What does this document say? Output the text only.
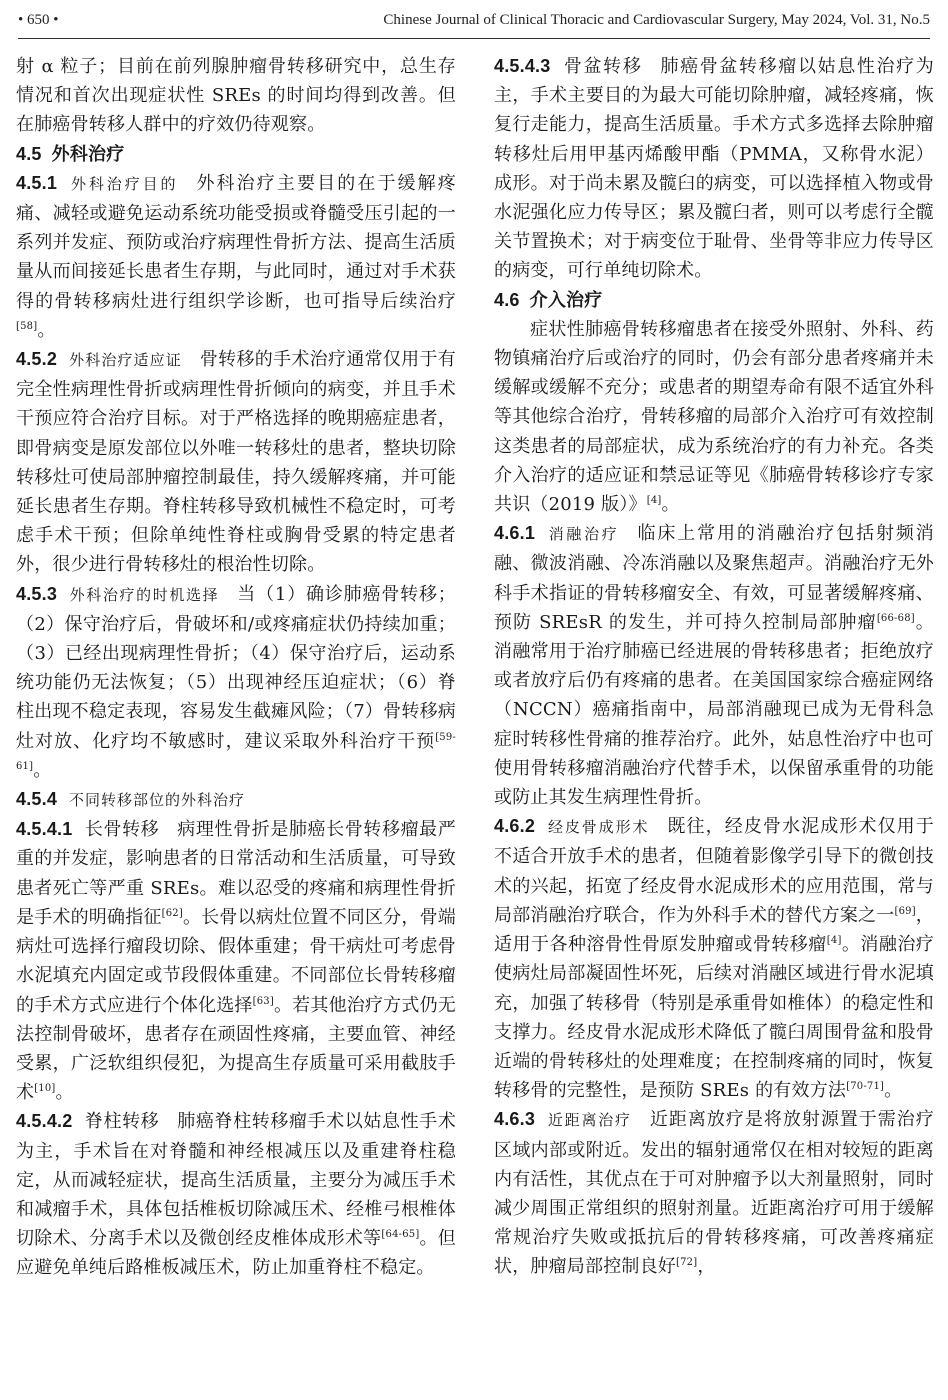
• 650 •	Chinese Journal of Clinical Thoracic and Cardiovascular Surgery, May 2024, Vol. 31, No.5

射 α 粒子；目前在前列腺肿瘤骨转移研究中，总生存情况和首次出现症状性 SREs 的时间均得到改善。但在肺癌骨转移人群中的疗效仍待观察。

4.5 外科治疗

4.5.1 外科治疗目的 外科治疗主要目的在于缓解疼痛、减轻或避免运动系统功能受损或脊髓受压引起的一系列并发症、预防或治疗病理性骨折方法、提高生活质量从而间接延长患者生存期，与此同时，通过对手术获得的骨转移病灶进行组织学诊断，也可指导后续治疗[58]。

4.5.2 外科治疗适应证 骨转移的手术治疗通常仅用于有完全性病理性骨折或病理性骨折倾向的病变，并且手术干预应符合治疗目标。对于严格选择的晚期癌症患者，即骨病变是原发部位以外唯一转移灶的患者，整块切除转移灶可使局部肿瘤控制最佳，持久缓解疼痛，并可能延长患者生存期。脊柱转移导致机械性不稳定时，可考虑手术干预；但除单纯性脊柱或胸骨受累的特定患者外，很少进行骨转移灶的根治性切除。

4.5.3 外科治疗的时机选择 当（1）确诊肺癌骨转移；（2）保守治疗后，骨破坏和/或疼痛症状仍持续加重；（3）已经出现病理性骨折；（4）保守治疗后，运动系统功能仍无法恢复；（5）出现神经压迫症状；（6）脊柱出现不稳定表现，容易发生截瘫风险；（7）骨转移病灶对放、化疗均不敏感时，建议采取外科治疗干预[59-61]。

4.5.4 不同转移部位的外科治疗

4.5.4.1 长骨转移 病理性骨折是肺癌长骨转移瘤最严重的并发症，影响患者的日常活动和生活质量，可导致患者死亡等严重 SREs。难以忍受的疼痛和病理性骨折是手术的明确指征[62]。长骨以病灶位置不同区分，骨端病灶可选择行瘤段切除、假体重建；骨干病灶可考虑骨水泥填充内固定或节段假体重建。不同部位长骨转移瘤的手术方式应进行个体化选择[63]。若其他治疗方式仍无法控制骨破坏，患者存在顽固性疼痛，主要血管、神经受累，广泛软组织侵犯，为提高生存质量可采用截肢手术[10]。

4.5.4.2 脊柱转移 肺癌脊柱转移瘤手术以姑息性手术为主，手术旨在对脊髓和神经根减压以及重建脊柱稳定，从而减轻症状，提高生活质量，主要分为减压手术和减瘤手术，具体包括椎板切除减压术、经椎弓根椎体切除术、分离手术以及微创经皮椎体成形术等[64-65]。但应避免单纯后路椎板减压术，防止加重脊柱不稳定。

4.5.4.3 骨盆转移 肺癌骨盆转移瘤以姑息性治疗为主，手术主要目的为最大可能切除肿瘤，减轻疼痛，恢复行走能力，提高生活质量。手术方式多选择去除肿瘤转移灶后用甲基丙烯酸甲酯（PMMA，又称骨水泥）成形。对于尚未累及髋臼的病变，可以选择植入物或骨水泥强化应力传导区；累及髋臼者，则可以考虑行全髋关节置换术；对于病变位于耻骨、坐骨等非应力传导区的病变，可行单纯切除术。

4.6 介入治疗

症状性肺癌骨转移瘤患者在接受外照射、外科、药物镇痛治疗后或治疗的同时，仍会有部分患者疼痛并未缓解或缓解不充分；或患者的期望寿命有限不适宜外科等其他综合治疗，骨转移瘤的局部介入治疗可有效控制这类患者的局部症状，成为系统治疗的有力补充。各类介入治疗的适应证和禁忌证等见《肺癌骨转移诊疗专家共识（2019 版）》[4]。

4.6.1 消融治疗 临床上常用的消融治疗包括射频消融、微波消融、冷冻消融以及聚焦超声。消融治疗无外科手术指证的骨转移瘤安全、有效，可显著缓解疼痛、预防 SREsR 的发生，并可持久控制局部肿瘤[66-68]。消融常用于治疗肺癌已经进展的骨转移患者；拒绝放疗或者放疗后仍有疼痛的患者。在美国国家综合癌症网络（NCCN）癌痛指南中，局部消融现已成为无骨科急症时转移性骨痛的推荐治疗。此外，姑息性治疗中也可使用骨转移瘤消融治疗代替手术，以保留承重骨的功能或防止其发生病理性骨折。

4.6.2 经皮骨成形术 既往，经皮骨水泥成形术仅用于不适合开放手术的患者，但随着影像学引导下的微创技术的兴起，拓宽了经皮骨水泥成形术的应用范围，常与局部消融治疗联合，作为外科手术的替代方案之一[69]，适用于各种溶骨性骨原发肿瘤或骨转移瘤[4]。消融治疗使病灶局部凝固性坏死，后续对消融区域进行骨水泥填充，加强了转移骨（特别是承重骨如椎体）的稳定性和支撑力。经皮骨水泥成形术降低了髋臼周围骨盆和股骨近端的骨转移灶的处理难度；在控制疼痛的同时，恢复转移骨的完整性，是预防 SREs 的有效方法[70-71]。

4.6.3 近距离治疗 近距离放疗是将放射源置于需治疗区域内部或附近。发出的辐射通常仅在相对较短的距离内有活性，其优点在于可对肿瘤予以大剂量照射，同时减少周围正常组织的照射剂量。近距离治疗可用于缓解常规治疗失败或抵抗后的骨转移疼痛，可改善疼痛症状，肿瘤局部控制良好[72]，
